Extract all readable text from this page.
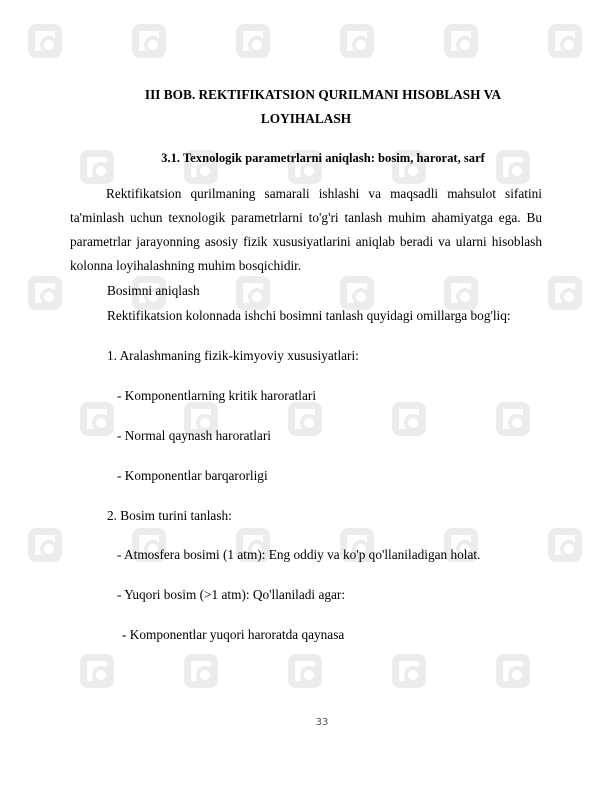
III BOB. REKTIFIKATSION QURILMANI HISOBLASH VA
LOYIHALASH
3.1. Texnologik parametrlarni aniqlash: bosim, harorat, sarf
Rektifikatsion qurilmaning samarali ishlashi va maqsadli mahsulot sifatini ta'minlash uchun texnologik parametrlarni to'g'ri tanlash muhim ahamiyatga ega. Bu parametrlar jarayonning asosiy fizik xususiyatlarini aniqlab beradi va ularni hisoblash kolonna loyihalashning muhim bosqichidir.
Bosimni aniqlash
Rektifikatsion kolonnada ishchi bosimni tanlash quyidagi omillarga bog'liq:
1. Aralashmaning fizik-kimyoviy xususiyatlari:
- Komponentlarning kritik haroratlari
- Normal qaynash haroratlari
- Komponentlar barqarorligi
2. Bosim turini tanlash:
- Atmosfera bosimi (1 atm): Eng oddiy va ko'p qo'llaniladigan holat.
- Yuqori bosim (>1 atm): Qo'llaniladi agar:
- Komponentlar yuqori haroratda qaynasa
33
